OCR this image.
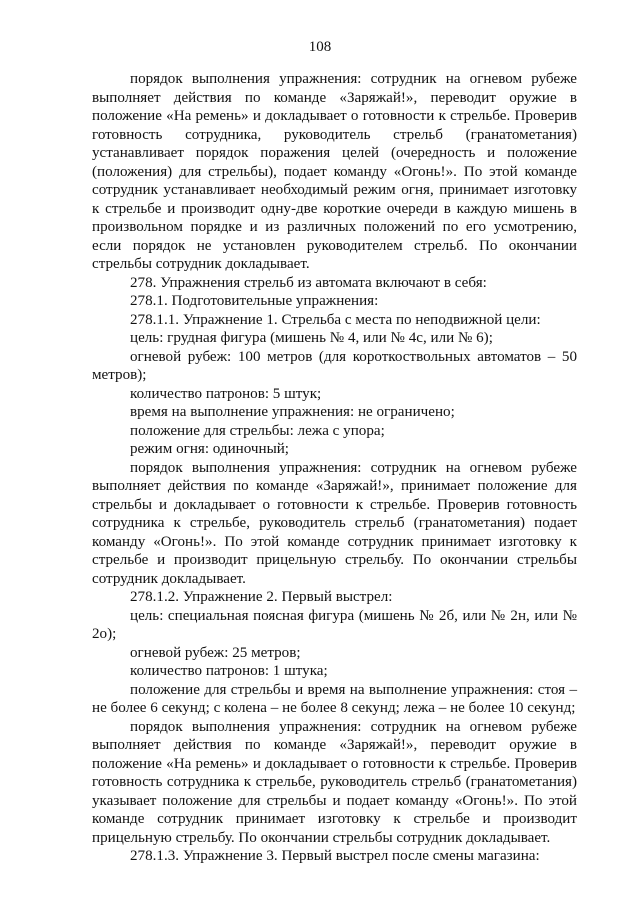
108

порядок выполнения упражнения: сотрудник на огневом рубеже выполняет действия по команде «Заряжай!», переводит оружие в положение «На ремень» и докладывает о готовности к стрельбе. Проверив готовность сотрудника, руководитель стрельб (гранатометания) устанавливает порядок поражения целей (очередность и положение (положения) для стрельбы), подает команду «Огонь!». По этой команде сотрудник устанавливает необходимый режим огня, принимает изготовку к стрельбе и производит одну-две короткие очереди в каждую мишень в произвольном порядке и из различных положений по его усмотрению, если порядок не установлен руководителем стрельб. По окончании стрельбы сотрудник докладывает.

278. Упражнения стрельб из автомата включают в себя:

278.1. Подготовительные упражнения:

278.1.1. Упражнение 1. Стрельба с места по неподвижной цели:

цель: грудная фигура (мишень № 4, или № 4с, или № 6);

огневой рубеж: 100 метров (для короткоствольных автоматов – 50 метров);

количество патронов: 5 штук;

время на выполнение упражнения: не ограничено;

положение для стрельбы: лежа с упора;

режим огня: одиночный;

порядок выполнения упражнения: сотрудник на огневом рубеже выполняет действия по команде «Заряжай!», принимает положение для стрельбы и докладывает о готовности к стрельбе. Проверив готовность сотрудника к стрельбе, руководитель стрельб (гранатометания) подает команду «Огонь!». По этой команде сотрудник принимает изготовку к стрельбе и производит прицельную стрельбу. По окончании стрельбы сотрудник докладывает.

278.1.2. Упражнение 2. Первый выстрел:

цель: специальная поясная фигура (мишень № 2б, или № 2н, или № 2о);

огневой рубеж: 25 метров;

количество патронов: 1 штука;

положение для стрельбы и время на выполнение упражнения: стоя – не более 6 секунд; с колена – не более 8 секунд; лежа – не более 10 секунд;

порядок выполнения упражнения: сотрудник на огневом рубеже выполняет действия по команде «Заряжай!», переводит оружие в положение «На ремень» и докладывает о готовности к стрельбе. Проверив готовность сотрудника к стрельбе, руководитель стрельб (гранатометания) указывает положение для стрельбы и подает команду «Огонь!». По этой команде сотрудник принимает изготовку к стрельбе и производит прицельную стрельбу. По окончании стрельбы сотрудник докладывает.

278.1.3. Упражнение 3. Первый выстрел после смены магазина:
